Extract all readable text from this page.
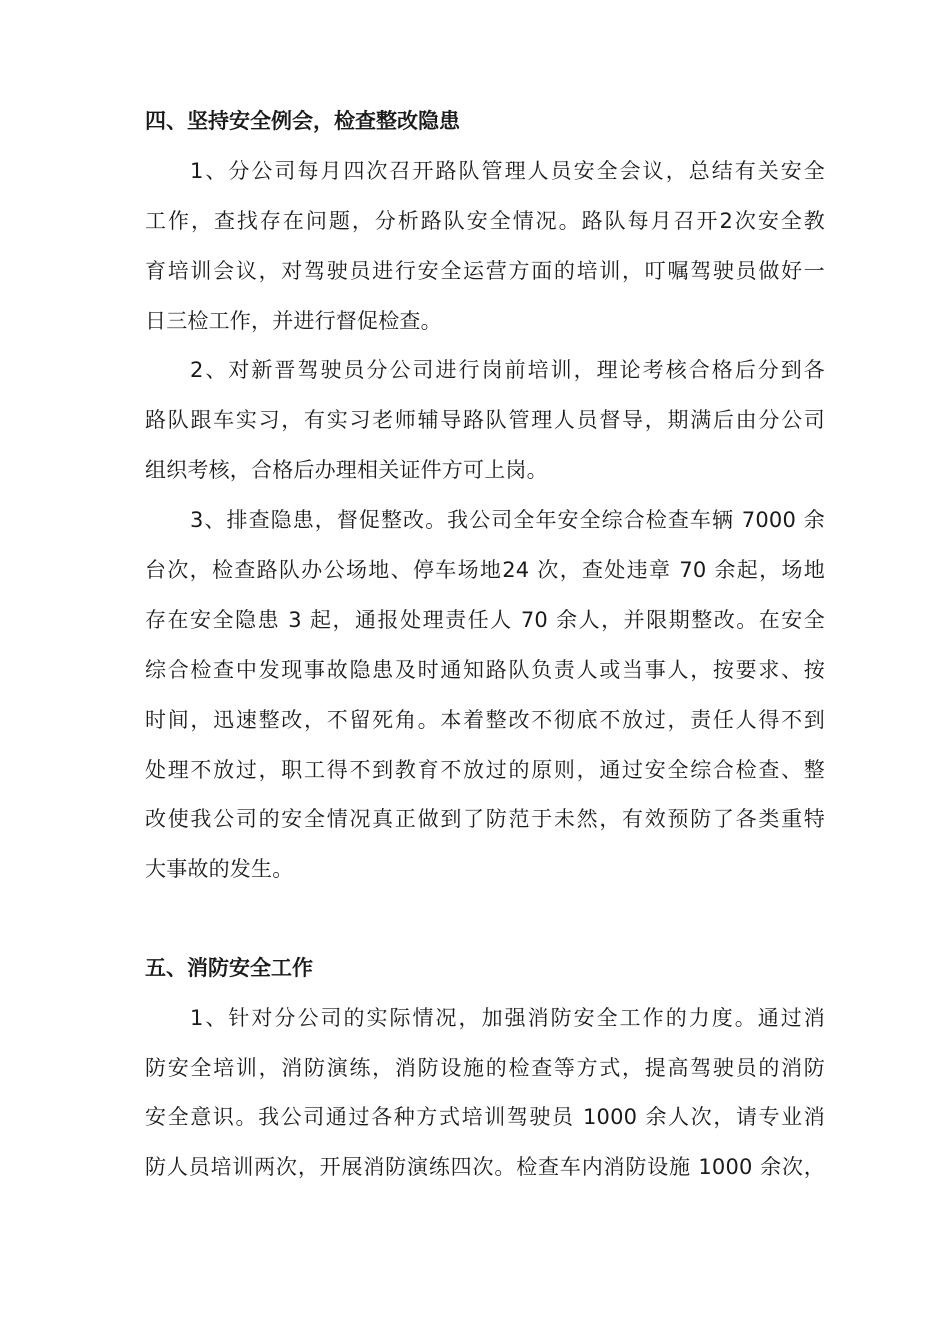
四、坚持安全例会，检查整改隐患
1、分公司每月四次召开路队管理人员安全会议，总结有关安全
工作，查找存在问题，分析路队安全情况。路队每月召开2次安全教
育培训会议，对驾驶员进行安全运营方面的培训，叮嘱驾驶员做好一
日三检工作，并进行督促检查。
2、对新晋驾驶员分公司进行岗前培训，理论考核合格后分到各
路队跟车实习，有实习老师辅导路队管理人员督导，期满后由分公司
组织考核，合格后办理相关证件方可上岗。
3、排查隐患，督促整改。我公司全年安全综合检查车辆 7000 余
台次，检查路队办公场地、停车场地24 次，查处违章 70 余起，场地
存在安全隐患 3 起，通报处理责任人 70 余人，并限期整改。在安全
综合检查中发现事故隐患及时通知路队负责人或当事人，按要求、按
时间，迅速整改，不留死角。本着整改不彻底不放过，责任人得不到
处理不放过，职工得不到教育不放过的原则，通过安全综合检查、整
改使我公司的安全情况真正做到了防范于未然，有效预防了各类重特
大事故的发生。
五、消防安全工作
1、针对分公司的实际情况，加强消防安全工作的力度。通过消
防安全培训，消防演练，消防设施的检查等方式，提高驾驶员的消防
安全意识。我公司通过各种方式培训驾驶员 1000 余人次，请专业消
防人员培训两次，开展消防演练四次。检查车内消防设施 1000 余次，
